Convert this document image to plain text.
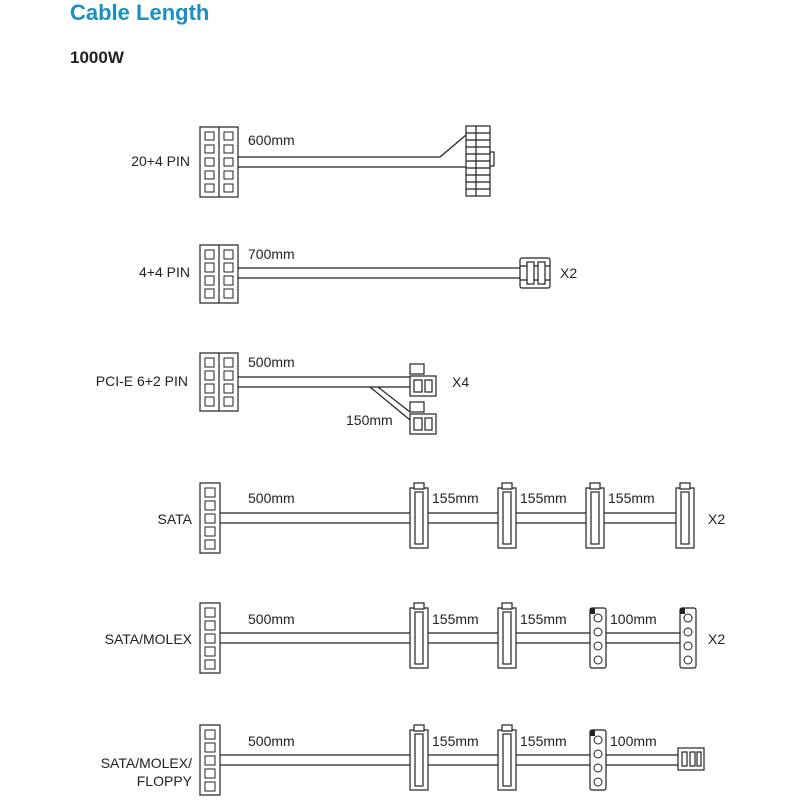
Cable Length
1000W
20+4 PIN
600mm
4+4 PIN
700mm
X2
PCI-E 6+2 PIN
500mm
150mm
X4
SATA
500mm	155mm	155mm	155mm
X2
SATA/MOLEX
500mm	155mm	155mm	100mm
X2
SATA/MOLEX/
FLOPPY
500mm	155mm	155mm	100mm
